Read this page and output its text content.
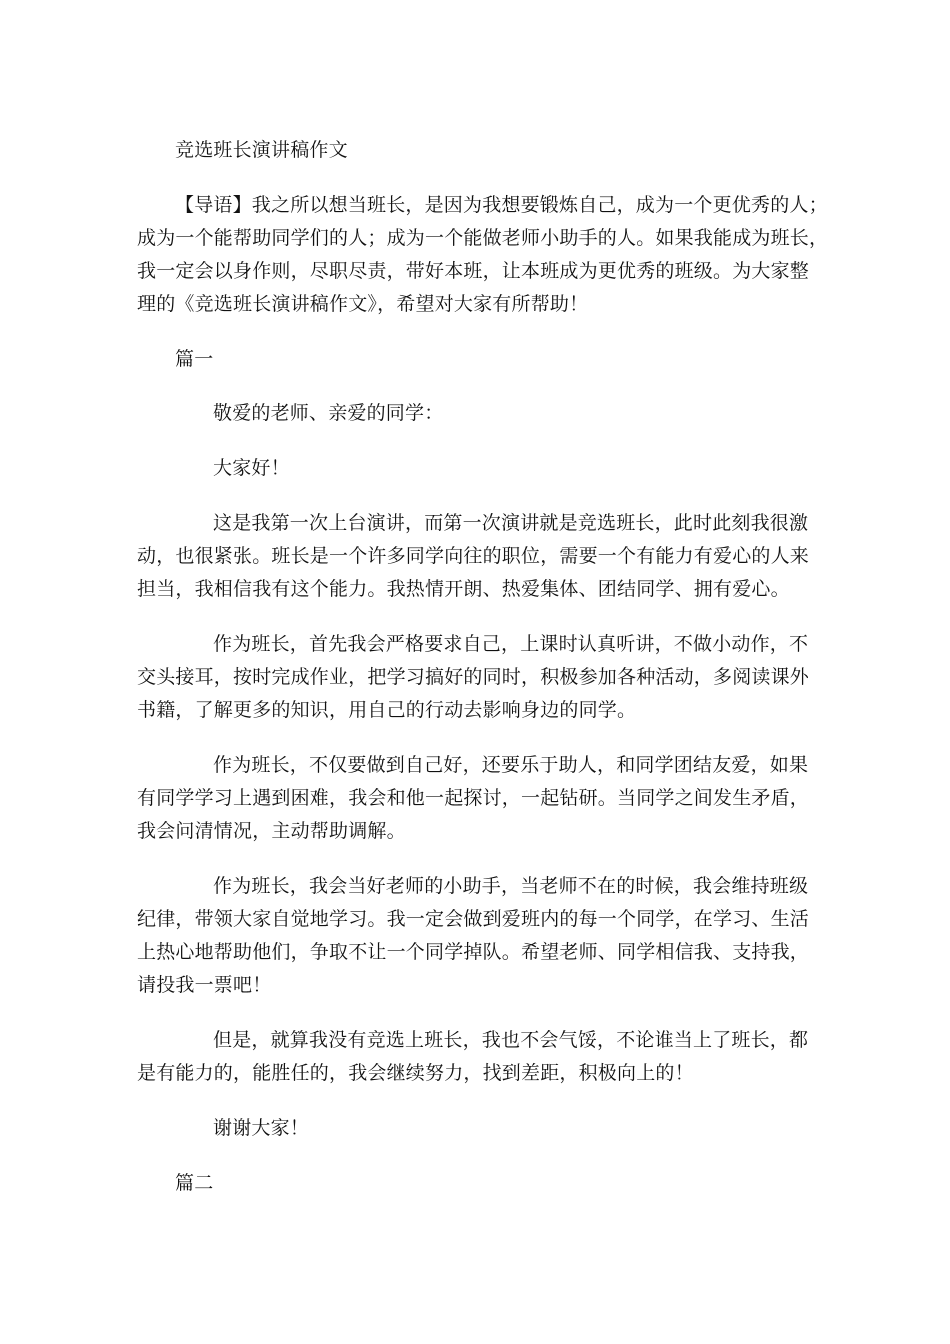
竞选班长演讲稿作文
【导语】我之所以想当班长，是因为我想要锻炼自己，成为一个更优秀的人；
成为一个能帮助同学们的人；成为一个能做老师小助手的人。如果我能成为班长，
我一定会以身作则，尽职尽责，带好本班，让本班成为更优秀的班级。为大家整
理的《竞选班长演讲稿作文》，希望对大家有所帮助！
篇一
敬爱的老师、亲爱的同学：
大家好！
这是我第一次上台演讲，而第一次演讲就是竞选班长，此时此刻我很激
动，也很紧张。班长是一个许多同学向往的职位，需要一个有能力有爱心的人来
担当，我相信我有这个能力。我热情开朗、热爱集体、团结同学、拥有爱心。
作为班长，首先我会严格要求自己，上课时认真听讲，不做小动作，不
交头接耳，按时完成作业，把学习搞好的同时，积极参加各种活动，多阅读课外
书籍，了解更多的知识，用自己的行动去影响身边的同学。
作为班长，不仅要做到自己好，还要乐于助人，和同学团结友爱，如果
有同学学习上遇到困难，我会和他一起探讨，一起钻研。当同学之间发生矛盾，
我会问清情况，主动帮助调解。
作为班长，我会当好老师的小助手，当老师不在的时候，我会维持班级
纪律，带领大家自觉地学习。我一定会做到爱班内的每一个同学，在学习、生活
上热心地帮助他们，争取不让一个同学掉队。希望老师、同学相信我、支持我，
请投我一票吧！
但是，就算我没有竞选上班长，我也不会气馁，不论谁当上了班长，都
是有能力的，能胜任的，我会继续努力，找到差距，积极向上的！
谢谢大家！
篇二
